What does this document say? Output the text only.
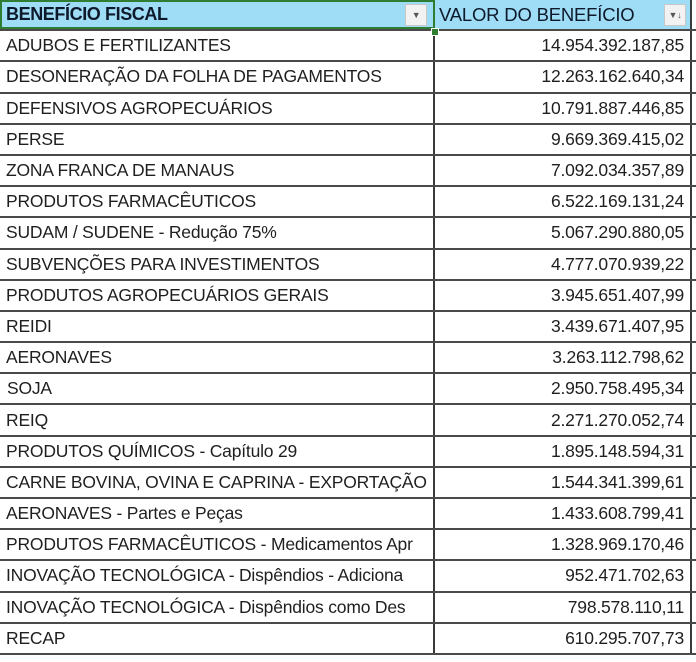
BENEFÍCIO FISCAL	▼	VALOR DO BENEFÍCIO	▼↓
ADUBOS E FERTILIZANTES	14.954.392.187,85
DESONERAÇÃO DA FOLHA DE PAGAMENTOS	12.263.162.640,34
DEFENSIVOS AGROPECUÁRIOS	10.791.887.446,85
PERSE	9.669.369.415,02
ZONA FRANCA DE MANAUS	7.092.034.357,89
PRODUTOS FARMACÊUTICOS	6.522.169.131,24
SUDAM / SUDENE - Redução 75%	5.067.290.880,05
SUBVENÇÕES PARA INVESTIMENTOS	4.777.070.939,22
PRODUTOS AGROPECUÁRIOS GERAIS	3.945.651.407,99
REIDI	3.439.671.407,95
AERONAVES	3.263.112.798,62
SOJA	2.950.758.495,34
REIQ	2.271.270.052,74
PRODUTOS QUÍMICOS - Capítulo 29	1.895.148.594,31
CARNE BOVINA, OVINA E CAPRINA - EXPORTAÇÃO	1.544.341.399,61
AERONAVES - Partes e Peças	1.433.608.799,41
PRODUTOS FARMACÊUTICOS - Medicamentos Apr	1.328.969.170,46
INOVAÇÃO TECNOLÓGICA - Dispêndios - Adiciona	952.471.702,63
INOVAÇÃO TECNOLÓGICA - Dispêndios como Des	798.578.110,11
RECAP	610.295.707,73
